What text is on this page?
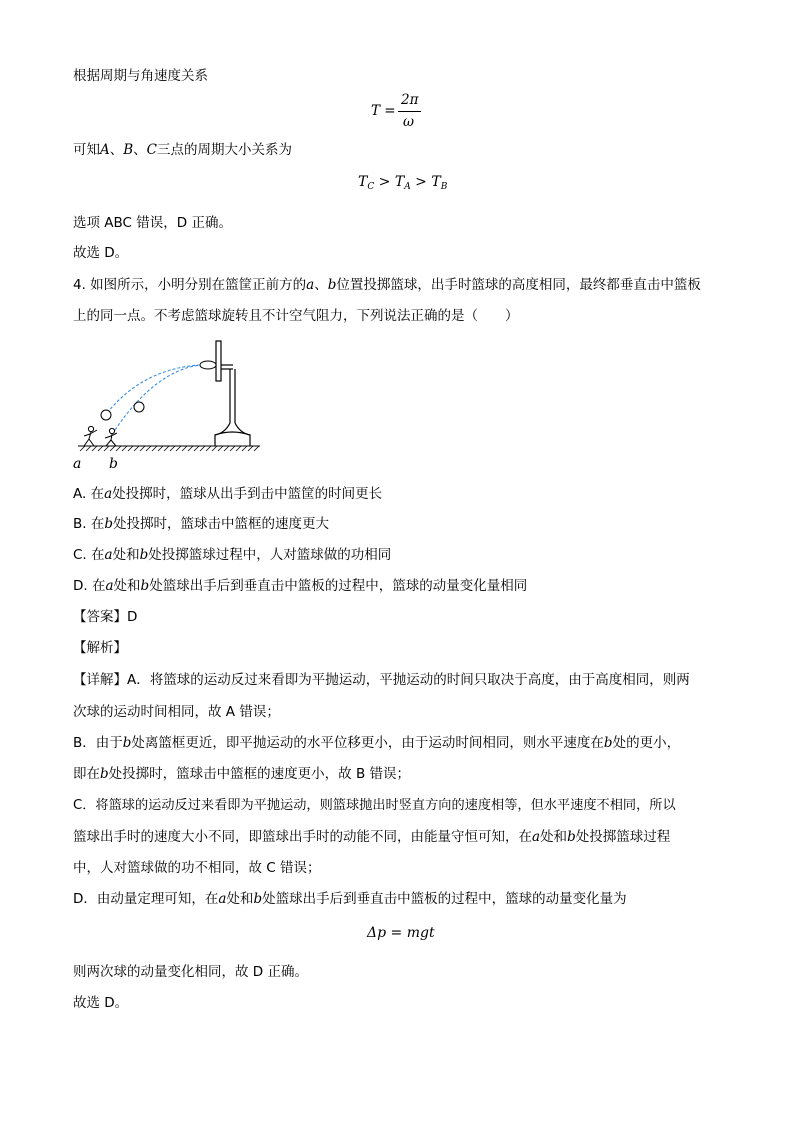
根据周期与角速度关系
T =
2π
ω
可知A、B、C三点的周期大小关系为
$T_C > T_A > T_B$
选项 ABC 错误，D 正确。
故选 D。
4. 如图所示，小明分别在篮筐正前方的a、b位置投掷篮球，出手时篮球的高度相同，最终都垂直击中篮板
上的同一点。不考虑篮球旋转且不计空气阻力，下列说法正确的是（　　）
a b
A. 在a处投掷时，篮球从出手到击中篮筐的时间更长
B. 在b处投掷时，篮球击中篮框的速度更大
C. 在a处和b处投掷篮球过程中，人对篮球做的功相同
D. 在a处和b处篮球出手后到垂直击中篮板的过程中，篮球的动量变化量相同
【答案】D
【解析】
【详解】A．将篮球的运动反过来看即为平抛运动，平抛运动的时间只取决于高度，由于高度相同，则两
次球的运动时间相同，故 A 错误；
B．由于b处离篮框更近，即平抛运动的水平位移更小，由于运动时间相同，则水平速度在b处的更小，
即在b处投掷时，篮球击中篮框的速度更小，故 B 错误；
C．将篮球的运动反过来看即为平抛运动，则篮球抛出时竖直方向的速度相等，但水平速度不相同，所以
篮球出手时的速度大小不同，即篮球出手时的动能不同，由能量守恒可知，在a处和b处投掷篮球过程
中，人对篮球做的功不相同，故 C 错误；
D．由动量定理可知，在a处和b处篮球出手后到垂直击中篮板的过程中，篮球的动量变化量为
Δp = mgt
则两次球的动量变化相同，故 D 正确。
故选 D。
